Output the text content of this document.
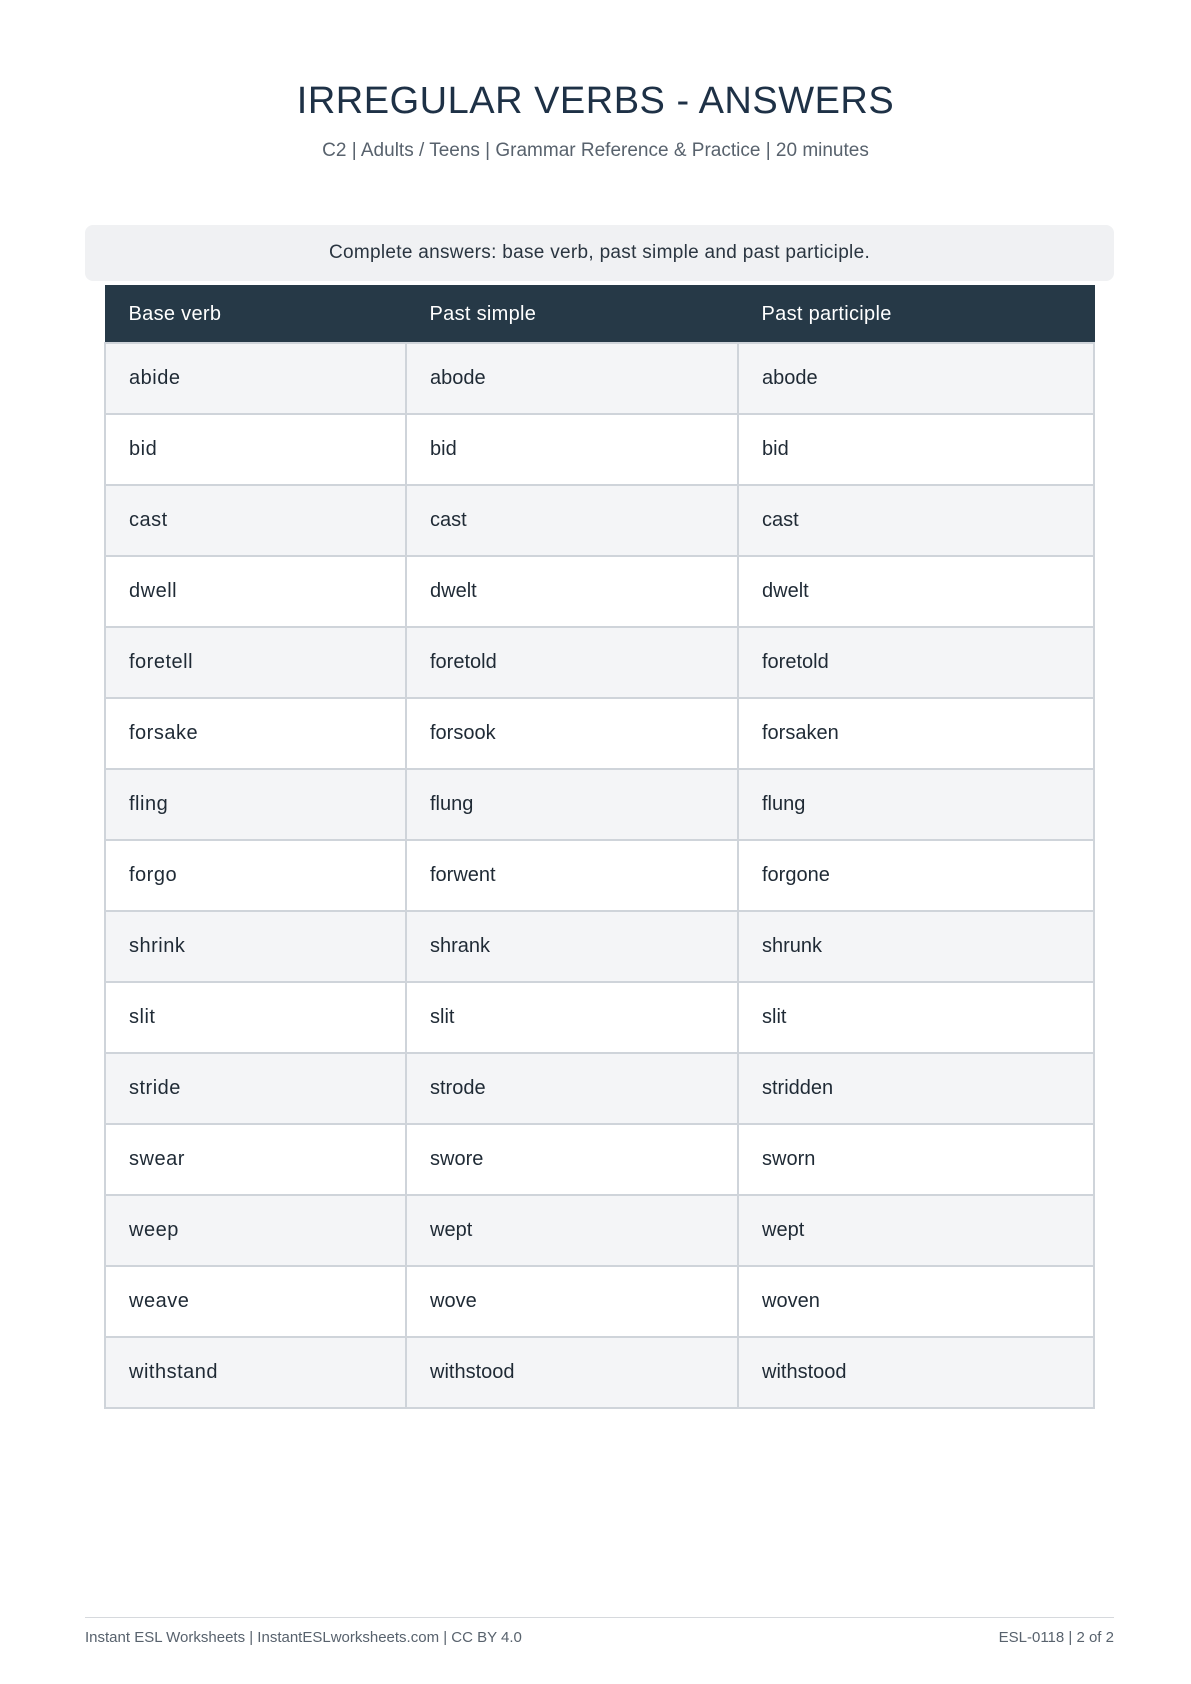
IRREGULAR VERBS - ANSWERS
C2 | Adults / Teens | Grammar Reference & Practice | 20 minutes
Complete answers: base verb, past simple and past participle.
Base verb	Past simple	Past participle
abide	abode	abode
bid	bid	bid
cast	cast	cast
dwell	dwelt	dwelt
foretell	foretold	foretold
forsake	forsook	forsaken
fling	flung	flung
forgo	forwent	forgone
shrink	shrank	shrunk
slit	slit	slit
stride	strode	stridden
swear	swore	sworn
weep	wept	wept
weave	wove	woven
withstand	withstood	withstood
Instant ESL Worksheets | InstantESLworksheets.com | CC BY 4.0	ESL-0118 | 2 of 2
